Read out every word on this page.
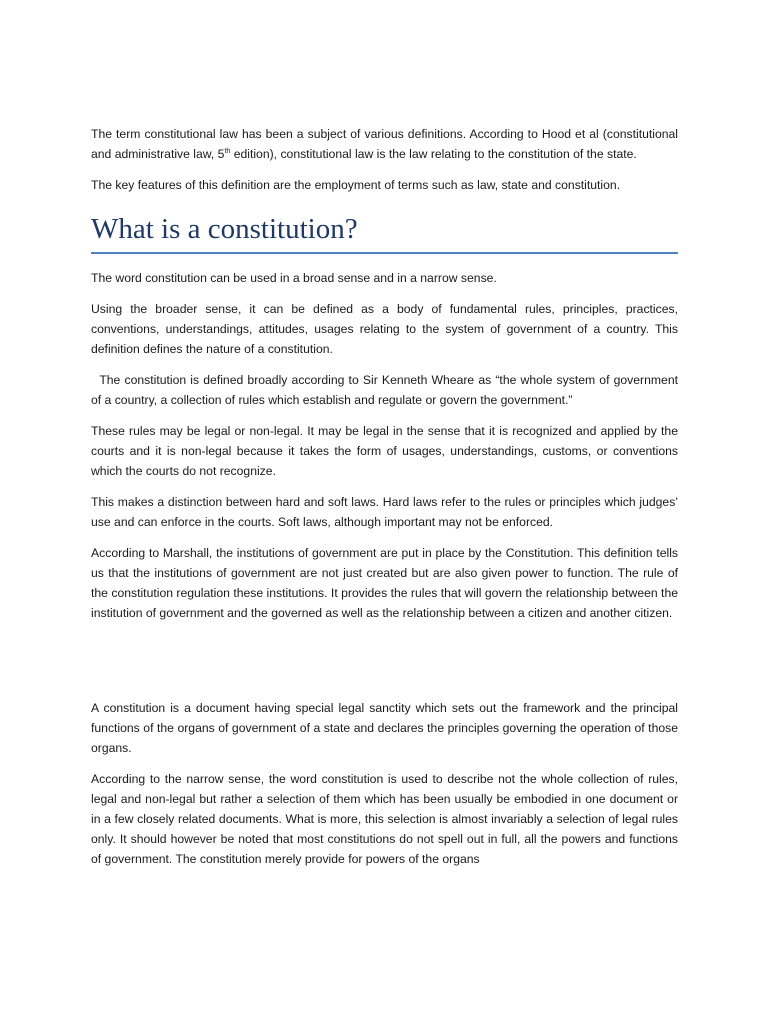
The term constitutional law has been a subject of various definitions. According to Hood et al (constitutional and administrative law, 5th edition), constitutional law is the law relating to the constitution of the state.

The key features of this definition are the employment of terms such as law, state and constitution.

What is a constitution?

The word constitution can be used in a broad sense and in a narrow sense.

Using the broader sense, it can be defined as a body of fundamental rules, principles, practices, conventions, understandings, attitudes, usages relating to the system of government of a country. This definition defines the nature of a constitution.

The constitution is defined broadly according to Sir Kenneth Wheare as “the whole system of government of a country, a collection of rules which establish and regulate or govern the government.”

These rules may be legal or non-legal. It may be legal in the sense that it is recognized and applied by the courts and it is non-legal because it takes the form of usages, understandings, customs, or conventions which the courts do not recognize.

This makes a distinction between hard and soft laws. Hard laws refer to the rules or principles which judges’ use and can enforce in the courts. Soft laws, although important may not be enforced.

According to Marshall, the institutions of government are put in place by the Constitution. This definition tells us that the institutions of government are not just created but are also given power to function. The rule of the constitution regulation these institutions. It provides the rules that will govern the relationship between the institution of government and the governed as well as the relationship between a citizen and another citizen.

A constitution is a document having special legal sanctity which sets out the framework and the principal functions of the organs of government of a state and declares the principles governing the operation of those organs.

According to the narrow sense, the word constitution is used to describe not the whole collection of rules, legal and non-legal but rather a selection of them which has been usually be embodied in one document or in a few closely related documents. What is more, this selection is almost invariably a selection of legal rules only. It should however be noted that most constitutions do not spell out in full, all the powers and functions of government. The constitution merely provide for powers of the organs
